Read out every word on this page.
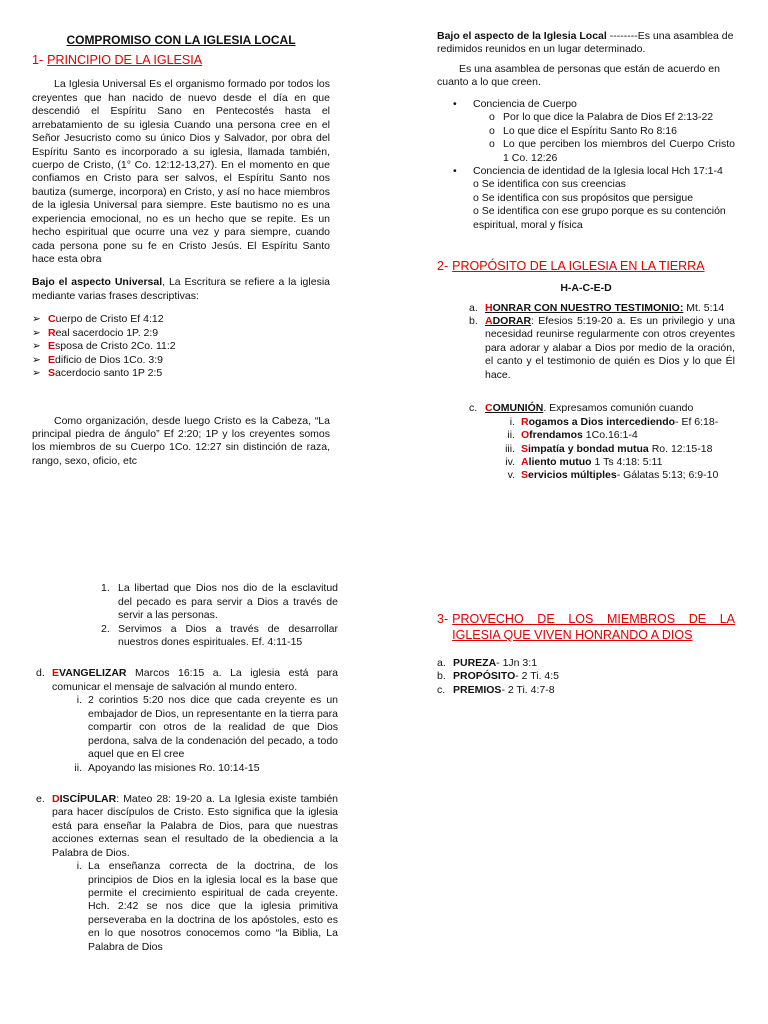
COMPROMISO CON LA IGLESIA LOCAL
1- PRINCIPIO DE LA IGLESIA

La Iglesia Universal Es el organismo formado por todos los creyentes que han nacido de nuevo desde el día en que descendió el Espíritu Sano en Pentecostés hasta el arrebatamiento de su iglesia Cuando una persona cree en el Señor Jesucristo como su único Dios y Salvador, por obra del Espíritu Santo es incorporado a su iglesia, llamada también, cuerpo de Cristo, (1° Co. 12:12-13,27). En el momento en que confiamos en Cristo para ser salvos, el Espíritu Santo nos bautiza (sumerge, incorpora) en Cristo, y así no hace miembros de la iglesia Universal para siempre. Este bautismo no es una experiencia emocional, no es un hecho que se repite. Es un hecho espiritual que ocurre una vez y para siempre, cuando cada persona pone su fe en Cristo Jesús. El Espíritu Santo hace esta obra

Bajo el aspecto Universal, La Escritura se refiere a la iglesia mediante varias frases descriptivas:

➢ Cuerpo de Cristo Ef 4:12
➢ Real sacerdocio 1P. 2:9
➢ Esposa de Cristo 2Co. 11:2
➢ Edificio de Dios 1Co. 3:9
➢ Sacerdocio santo 1P 2:5

Como organización, desde luego Cristo es la Cabeza, “La principal piedra de ángulo” Ef 2:20; 1P y los creyentes somos los miembros de su Cuerpo 1Co. 12:27 sin distinción de raza, rango, sexo, oficio, etc

1. La libertad que Dios nos dio de la esclavitud del pecado es para servir a Dios a través de servir a las personas.

2. Servimos a Dios a través de desarrollar nuestros dones espirituales. Ef. 4:11-15

d. EVANGELIZAR Marcos 16:15 a. La iglesia está para comunicar el mensaje de salvación al mundo entero.

i. 2 corintios 5:20 nos dice que cada creyente es un embajador de Dios, un representante en la tierra para compartir con otros de la realidad de que Dios perdona, salva de la condenación del pecado, a todo aquel que en El cree

ii. Apoyando las misiones Ro. 10:14-15

e. DISCÍPULAR: Mateo 28: 19-20 a. La Iglesia existe también para hacer discípulos de Cristo. Esto significa que la iglesia está para enseñar la Palabra de Dios, para que nuestras acciones externas sean el resultado de la obediencia a la Palabra de Dios.

i. La enseñanza correcta de la doctrina, de los principios de Dios en la iglesia local es la base que permite el crecimiento espiritual de cada creyente. Hch. 2:42 se nos dice que la iglesia primitiva perseveraba en la doctrina de los apóstoles, esto es en lo que nosotros conocemos como “la Biblia, La Palabra de Dios

Bajo el aspecto de la Iglesia Local --------Es una asamblea de redimidos reunidos en un lugar determinado.

Es una asamblea de personas que están de acuerdo en cuanto a lo que creen.

•	Conciencia de Cuerpo
o Por lo que dice la Palabra de Dios Ef 2:13-22
o Lo que dice el Espíritu Santo Ro 8:16
o Lo que perciben los miembros del Cuerpo Cristo 1 Co. 12:26
•	Conciencia de identidad de la Iglesia local Hch 17:1-4

o Se identifica con sus creencias

o Se identifica con sus propósitos que persigue

o Se identifica con ese grupo porque es su contención espiritual, moral y física

2- PROPÓSITO DE LA IGLESIA EN LA TIERRA

H-A-C-E-D

a. HONRAR CON NUESTRO TESTIMONIO: Mt. 5:14

b. ADORAR: Efesios 5:19-20 a. Es un privilegio y una necesidad reunirse regularmente con otros creyentes para adorar y alabar a Dios por medio de la oración, el canto y el testimonio de quién es Dios y lo que Él hace.

c. COMUNIÓN. Expresamos comunión cuando

i. Rogamos a Dios intercediendo- Ef 6:18-

ii. Ofrendamos 1Co.16:1-4

iii. Simpatía y bondad mutua Ro. 12:15-18

iv. Aliento mutuo 1 Ts 4:18: 5:11

v. Servicios múltiples- Gálatas 5:13; 6:9-10

3- PROVECHO DE LOS MIEMBROS DE LA IGLESIA QUE VIVEN HONRANDO A DIOS
a. PUREZA- 1Jn 3:1
b. PROPÓSITO- 2 Ti. 4:5
c. PREMIOS- 2 Ti. 4:7-8
